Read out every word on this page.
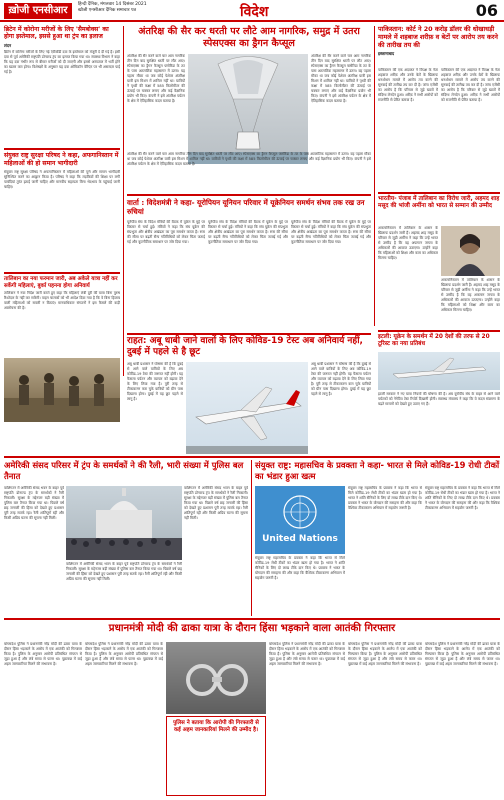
ख़ोजी एनसीआर
हिन्दी दैनिक, मंगलवार 14 दिसंबर 2021
खोजी एनसीआर दैनिक समाचार पत्र	विदेश	06
ब्रिटेन में कोरोना मरीजों के लिए 'सैमबोक्स' का होगा इस्तेमाल, इससे हुआ था ट्रंप का इलाज
लंदन
ब्रिटेन में कोरोना मरीजों के लिए नई एंटीबॉडी दवा के इस्तेमाल को मंजूरी दे दी गई है। इसी दवा से पूर्व अमेरिकी राष्ट्रपति डोनाल्ड ट्रंप का इलाज किया गया था। स्वास्थ्य विभाग ने कहा कि यह दवा गंभीर रूप से बीमार मरीजों को दी जाएगी और इससे अस्पताल में भर्ती होने का खतरा कम होगा। विशेषज्ञों के अनुसार यह दवा ओमिक्रॉन वेरिएंट पर भी असरदार पाई गई है।
संयुक्त राष्ट्र सुरक्षा परिषद ने कहा, अफगानिस्तान में महिलाओं की हो समान भागीदारी
संयुक्त राष्ट्र सुरक्षा परिषद ने अफगानिस्तान में महिलाओं की पूर्ण और समान भागीदारी सुनिश्चित करने का आह्वान किया है। परिषद ने कहा कि लड़कियों की शिक्षा पर लगी पाबंदियां तुरंत हटाई जानी चाहिए और मानवीय सहायता बिना भेदभाव के पहुंचाई जानी चाहिए।
तालिबान का नया फरमान जारी, अब अकेले यात्रा नहीं कर सकेंगी महिलाएं, बुर्का पहनना होगा अनिवार्य
तालिबान ने नया निर्देश जारी करते हुए कहा कि महिलाएं लंबी दूरी की यात्रा बिना पुरुष रिश्तेदार के नहीं कर सकेंगी। वाहन चालकों को भी आदेश दिया गया है कि वे बिना हिजाब वाली महिलाओं को सवारी न बिठाएं। मानवाधिकार संगठनों ने इस फैसले की कड़ी आलोचना की है।
अंतरिक्ष की सैर कर धरती पर लौटे आम नागरिक, समुद्र में उतरा स्पेसएक्स का ड्रैगन कैप्सूल
अंतरिक्ष की सैर करने वाले चार आम नागरिक तीन दिन बाद सुरक्षित धरती पर लौट आए। स्पेसएक्स का ड्रैगन कैप्सूल फ्लोरिडा के तट के पास अटलांटिक महासागर में उतरा। यह पहला मौका था जब कोई पेशेवर अंतरिक्ष यात्री इस मिशन में शामिल नहीं था। यात्रियों ने पृथ्वी की कक्षा में 585 किलोमीटर की ऊंचाई पर चक्कर लगाए और कई वैज्ञानिक प्रयोग भी किए। कंपनी ने इसे अंतरिक्ष पर्यटन के क्षेत्र में ऐतिहासिक कदम बताया है।
अंतरिक्ष की सैर करने वाले चार आम नागरिक तीन दिन बाद सुरक्षित धरती पर लौट आए। स्पेसएक्स का ड्रैगन कैप्सूल फ्लोरिडा के तट के पास अटलांटिक महासागर में उतरा। यह पहला मौका था जब कोई पेशेवर अंतरिक्ष यात्री इस मिशन में शामिल नहीं था। यात्रियों ने पृथ्वी की कक्षा में 585 किलोमीटर की ऊंचाई पर चक्कर लगाए और कई वैज्ञानिक प्रयोग भी किए। कंपनी ने इसे अंतरिक्ष पर्यटन के क्षेत्र में ऐतिहासिक कदम बताया है।
अंतरिक्ष की सैर करने वाले चार आम नागरिक तीन दिन बाद सुरक्षित धरती पर लौट आए। स्पेसएक्स का ड्रैगन कैप्सूल फ्लोरिडा के तट के पास अटलांटिक महासागर में उतरा। यह पहला मौका था जब कोई पेशेवर अंतरिक्ष यात्री इस मिशन में शामिल नहीं था। यात्रियों ने पृथ्वी की कक्षा में 585 किलोमीटर की ऊंचाई पर चक्कर लगाए और कई वैज्ञानिक प्रयोग भी किए। कंपनी ने इसे अंतरिक्ष पर्यटन के क्षेत्र में ऐतिहासिक कदम बताया है।
वार्ता : विदेशमंत्री ने कहा- यूरोपियन यूनियन परिवार में यूक्रेनियन समर्थन संभव तक रख उन रुचियां
यूरोपीय संघ के विदेश मंत्रियों की बैठक में यूक्रेन के मुद्दे पर विस्तार से चर्चा हुई। मंत्रियों ने कहा कि संघ यूक्रेन की संप्रभुता और क्षेत्रीय अखंडता का पूरा समर्थन करता है। रूस की सीमा पर बढ़ती सैन्य गतिविधियों को लेकर चिंता जताई गई और कूटनीतिक समाधान पर जोर दिया गया।
यूरोपीय संघ के विदेश मंत्रियों की बैठक में यूक्रेन के मुद्दे पर विस्तार से चर्चा हुई। मंत्रियों ने कहा कि संघ यूक्रेन की संप्रभुता और क्षेत्रीय अखंडता का पूरा समर्थन करता है। रूस की सीमा पर बढ़ती सैन्य गतिविधियों को लेकर चिंता जताई गई और कूटनीतिक समाधान पर जोर दिया गया।
यूरोपीय संघ के विदेश मंत्रियों की बैठक में यूक्रेन के मुद्दे पर विस्तार से चर्चा हुई। मंत्रियों ने कहा कि संघ यूक्रेन की संप्रभुता और क्षेत्रीय अखंडता का पूरा समर्थन करता है। रूस की सीमा पर बढ़ती सैन्य गतिविधियों को लेकर चिंता जताई गई और कूटनीतिक समाधान पर जोर दिया गया।
पाकिस्तान: कोर्ट ने 20 करोड़ डॉलर की धोखाधड़ी मामले में शहबाज शरीफ़ व बेटों पर आरोप तय करने की तारीख तय की
इस्लामाबाद
पाकिस्तान की एक अदालत ने विपक्ष के नेता शहबाज शरीफ़ और उनके बेटों के खिलाफ धनशोधन मामले में आरोप तय करने की सुनवाई की तारीख तय कर दी है। जांच एजेंसी का आरोप है कि परिवार से जुड़े खातों में संदिग्ध लेनदेन हुआ। शरीफ़ ने सभी आरोपों को राजनीति से प्रेरित बताया है।
पाकिस्तान की एक अदालत ने विपक्ष के नेता शहबाज शरीफ़ और उनके बेटों के खिलाफ धनशोधन मामले में आरोप तय करने की सुनवाई की तारीख तय कर दी है। जांच एजेंसी का आरोप है कि परिवार से जुड़े खातों में संदिग्ध लेनदेन हुआ। शरीफ़ ने सभी आरोपों को राजनीति से प्रेरित बताया है।
भारतीय- पंजाब में तालिबान का विरोध जारी, अहमद शाह मसूद की भांजी अर्मीना को भारत से सम्मान की उम्मीद
अफगानिस्तान में तालिबान के शासन के खिलाफ प्रदर्शन जारी हैं। अहमद शाह मसूद के परिवार से जुड़ी अर्मीना ने कहा कि उन्हें भारत से उम्मीद है कि वह अफगान जनता के अधिकारों की आवाज उठाएगा। उन्होंने कहा कि महिलाओं को शिक्षा और काम का अधिकार मिलना चाहिए।
अफगानिस्तान में तालिबान के शासन के खिलाफ प्रदर्शन जारी हैं। अहमद शाह मसूद के परिवार से जुड़ी अर्मीना ने कहा कि उन्हें भारत से उम्मीद है कि वह अफगान जनता के अधिकारों की आवाज उठाएगा। उन्होंने कहा कि महिलाओं को शिक्षा और काम का अधिकार मिलना चाहिए।
राहत: अबू धाबी जाने वालों के लिए कोविड-19 टेस्ट अब अनिवार्य नहीं, दुबई में पहले से है छूट
अबू धाबी प्रशासन ने घोषणा की है कि दुबई से आने वाले यात्रियों के लिए अब कोविड-19 टेस्ट की जरूरत नहीं होगी। यह फैसला पर्यटन और व्यापार को बढ़ावा देने के लिए लिया गया है। पूरी तरह से टीकाकरण करा चुके यात्रियों को ग्रीन पास दिखाना होगा। दुबई में यह छूट पहले से लागू है।
अबू धाबी प्रशासन ने घोषणा की है कि दुबई से आने वाले यात्रियों के लिए अब कोविड-19 टेस्ट की जरूरत नहीं होगी। यह फैसला पर्यटन और व्यापार को बढ़ावा देने के लिए लिया गया है। पूरी तरह से टीकाकरण करा चुके यात्रियों को ग्रीन पास दिखाना होगा। दुबई में यह छूट पहले से लागू है।
इटली: यूक्रेन के समर्थन में 20 देशों की तरफ से 20 टूरिस्ट का नया प्रतिबंध
इटली सरकार ने नए यात्रा नियमों की घोषणा की है। अब यूरोपीय संघ के बाहर से आने वाले पर्यटकों को नेगेटिव टेस्ट रिपोर्ट दिखानी होगी। स्वास्थ्य मंत्रालय ने कहा कि ये कदम संक्रमण के बढ़ते मामलों को देखते हुए उठाए गए हैं।
अमेरिकी संसद परिसर में ट्रंप के समर्थकों ने की रैली, भारी संख्या में पुलिस बल तैनात
वाशिंगटन में अमेरिकी संसद भवन के बाहर पूर्व राष्ट्रपति डोनाल्ड ट्रंप के समर्थकों ने रैली निकाली। सुरक्षा के मद्देनजर बड़ी संख्या में पुलिस बल तैनात किया गया था। पिछले वर्ष छह जनवरी की हिंसा को देखते हुए प्रशासन पूरी तरह सतर्क रहा। रैली शांतिपूर्ण रही और किसी अप्रिय घटना की सूचना नहीं मिली।
वाशिंगटन में अमेरिकी संसद भवन के बाहर पूर्व राष्ट्रपति डोनाल्ड ट्रंप के समर्थकों ने रैली निकाली। सुरक्षा के मद्देनजर बड़ी संख्या में पुलिस बल तैनात किया गया था। पिछले वर्ष छह जनवरी की हिंसा को देखते हुए प्रशासन पूरी तरह सतर्क रहा। रैली शांतिपूर्ण रही और किसी अप्रिय घटना की सूचना नहीं मिली।
वाशिंगटन में अमेरिकी संसद भवन के बाहर पूर्व राष्ट्रपति डोनाल्ड ट्रंप के समर्थकों ने रैली निकाली। सुरक्षा के मद्देनजर बड़ी संख्या में पुलिस बल तैनात किया गया था। पिछले वर्ष छह जनवरी की हिंसा को देखते हुए प्रशासन पूरी तरह सतर्क रहा। रैली शांतिपूर्ण रही और किसी अप्रिय घटना की सूचना नहीं मिली।
संयुक्त राष्ट्र: महासचिव के प्रवक्ता ने कहा- भारत से मिले कोविड-19 रोधी टीकों का भंडार हुआ खत्म
United Nations
संयुक्त राष्ट्र महासचिव के प्रवक्ता ने कहा कि भारत से मिले कोविड-19 रोधी टीकों का भंडार खत्म हो गया है। भारत ने शांति सैनिकों के लिए दो लाख टीके दान किए थे। प्रवक्ता ने भारत के योगदान की सराहना की और कहा कि वैश्विक टीकाकरण अभियान में सहयोग जरूरी है।
संयुक्त राष्ट्र महासचिव के प्रवक्ता ने कहा कि भारत से मिले कोविड-19 रोधी टीकों का भंडार खत्म हो गया है। भारत ने शांति सैनिकों के लिए दो लाख टीके दान किए थे। प्रवक्ता ने भारत के योगदान की सराहना की और कहा कि वैश्विक टीकाकरण अभियान में सहयोग जरूरी है।
संयुक्त राष्ट्र महासचिव के प्रवक्ता ने कहा कि भारत से मिले कोविड-19 रोधी टीकों का भंडार खत्म हो गया है। भारत ने शांति सैनिकों के लिए दो लाख टीके दान किए थे। प्रवक्ता ने भारत के योगदान की सराहना की और कहा कि वैश्विक टीकाकरण अभियान में सहयोग जरूरी है।
प्रधानमंत्री मोदी की ढाका यात्रा के दौरान हिंसा भड़काने वाला आतंकी गिरफ्तार
बांग्लादेश पुलिस ने प्रधानमंत्री नरेंद्र मोदी की ढाका यात्रा के दौरान हिंसा भड़काने के आरोप में एक आतंकी को गिरफ्तार किया है। पुलिस के अनुसार आरोपी प्रतिबंधित संगठन से जुड़ा हुआ है और लंबे समय से फरार था। पूछताछ में कई अहम जानकारियां मिलने की संभावना है।
बांग्लादेश पुलिस ने प्रधानमंत्री नरेंद्र मोदी की ढाका यात्रा के दौरान हिंसा भड़काने के आरोप में एक आतंकी को गिरफ्तार किया है। पुलिस के अनुसार आरोपी प्रतिबंधित संगठन से जुड़ा हुआ है और लंबे समय से फरार था। पूछताछ में कई अहम जानकारियां मिलने की संभावना है।
पुलिस ने बताया कि आरोपी की गिरफ्तारी से कई अहम जानकारियां मिलने की उम्मीद है।
बांग्लादेश पुलिस ने प्रधानमंत्री नरेंद्र मोदी की ढाका यात्रा के दौरान हिंसा भड़काने के आरोप में एक आतंकी को गिरफ्तार किया है। पुलिस के अनुसार आरोपी प्रतिबंधित संगठन से जुड़ा हुआ है और लंबे समय से फरार था। पूछताछ में कई अहम जानकारियां मिलने की संभावना है।
बांग्लादेश पुलिस ने प्रधानमंत्री नरेंद्र मोदी की ढाका यात्रा के दौरान हिंसा भड़काने के आरोप में एक आतंकी को गिरफ्तार किया है। पुलिस के अनुसार आरोपी प्रतिबंधित संगठन से जुड़ा हुआ है और लंबे समय से फरार था। पूछताछ में कई अहम जानकारियां मिलने की संभावना है।
बांग्लादेश पुलिस ने प्रधानमंत्री नरेंद्र मोदी की ढाका यात्रा के दौरान हिंसा भड़काने के आरोप में एक आतंकी को गिरफ्तार किया है। पुलिस के अनुसार आरोपी प्रतिबंधित संगठन से जुड़ा हुआ है और लंबे समय से फरार था। पूछताछ में कई अहम जानकारियां मिलने की संभावना है।
